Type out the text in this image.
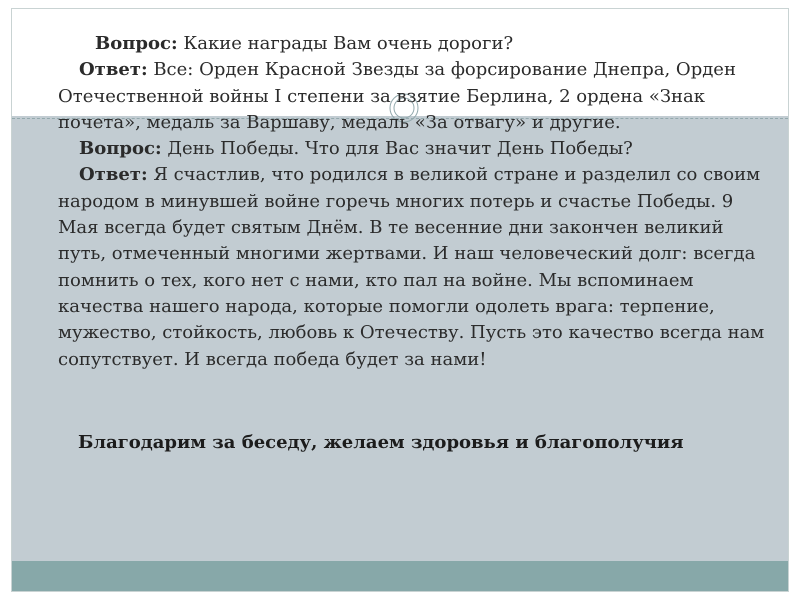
Вопрос: Какие награды Вам очень дороги?

Ответ: Все: Орден Красной Звезды за форсирование Днепра, Орден Отечественной войны I степени за взятие Берлина, 2 ордена «Знак почета», медаль за Варшаву, медаль «За отвагу» и другие.

Вопрос: День Победы. Что для Вас значит День Победы?

Ответ: Я счастлив, что родился в великой стране и разделил со своим народом в минувшей войне горечь многих потерь и счастье Победы. 9 Мая всегда будет святым Днём. В те весенние дни закончен великий путь, отмеченный многими жертвами. И наш человеческий долг: всегда помнить о тех, кого нет с нами, кто пал на войне. Мы вспоминаем качества нашего народа, которые помогли одолеть врага: терпение, мужество, стойкость, любовь к Отечеству. Пусть это качество всегда нам сопутствует. И всегда победа будет за нами!

Благодарим за беседу, желаем здоровья и благополучия
